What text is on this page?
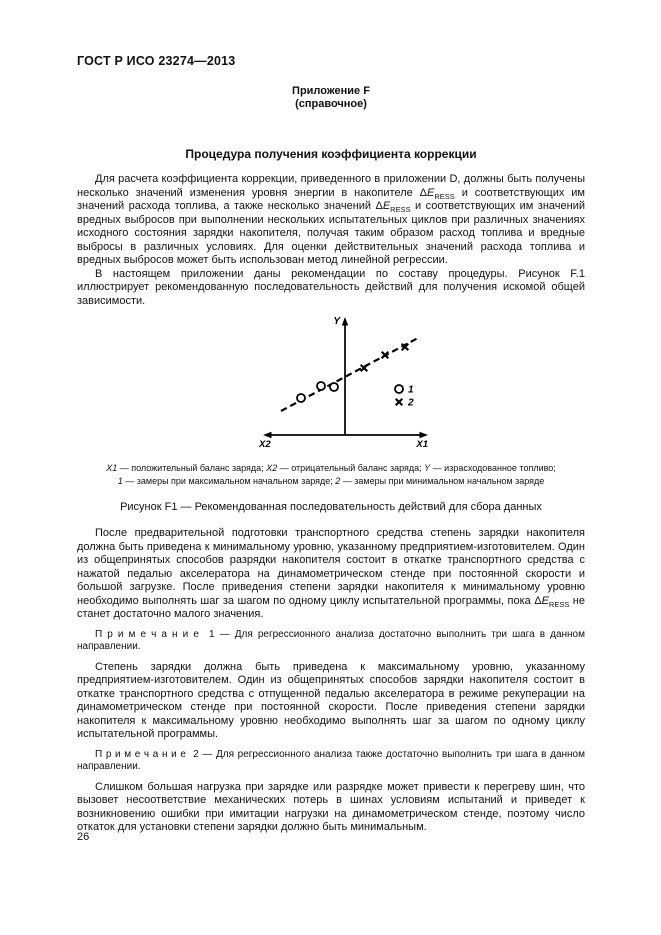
ГОСТ Р ИСО 23274—2013
Приложение F
(справочное)
Процедура получения коэффициента коррекции

Для расчета коэффициента коррекции, приведенного в приложении D, должны быть получены несколько значений изменения уровня энергии в накопителе $\Delta E_{RESS}$ и соответствующих им значений расхода топлива, а также несколько значений $\Delta E_{RESS}$ и соответствующих им значений вредных выбросов при выполнении нескольких испытательных циклов при различных значениях исходного состояния зарядки накопителя, получая таким образом расход топлива и вредные выбросы в различных условиях. Для оценки действительных значений расхода топлива и вредных выбросов может быть использован метод линейной регрессии.

В настоящем приложении даны рекомендации по составу процедуры. Рисунок F.1 иллюстрирует рекомендованную последовательность действий для получения искомой общей зависимости.

Y
X2	X1
1
2
X1 — положительный баланс заряда; X2 — отрицательный баланс заряда; Y — израсходованное топливо;
1 — замеры при максимальном начальном заряде; 2 — замеры при минимальном начальном заряде
Рисунок F1 — Рекомендованная последовательность действий для сбора данных

После предварительной подготовки транспортного средства степень зарядки накопителя должна быть приведена к минимальному уровню, указанному предприятием-изготовителем. Один из общепринятых способов разрядки накопителя состоит в откатке транспортного средства с нажатой педалью акселератора на динамометрическом стенде при постоянной скорости и большой загрузке. После приведения степени зарядки накопителя к минимальному уровню необходимо выполнять шаг за шагом по одному циклу испытательной программы, пока $\Delta E_{RESS}$ не станет достаточно малого значения.

П р и м е ч а н и е  1 — Для регрессионного анализа достаточно выполнить три шага в данном направлении.

Степень зарядки должна быть приведена к максимальному уровню, указанному предприятием-изготовителем. Один из общепринятых способов зарядки накопителя состоит в откатке транспортного средства с отпущенной педалью акселератора в режиме рекуперации на динамометрическом стенде при постоянной скорости. После приведения степени зарядки накопителя к максимальному уровню необходимо выполнять шаг за шагом по одному циклу испытательной программы.

П р и м е ч а н и е  2 — Для регрессионного анализа также достаточно выполнить три шага в данном направлении.

Слишком большая нагрузка при зарядке или разрядке может привести к перегреву шин, что вызовет несоответствие механических потерь в шинах условиям испытаний и приведет к возникновению ошибки при имитации нагрузки на динамометрическом стенде, поэтому число откаток для установки степени зарядки должно быть минимальным.

26
